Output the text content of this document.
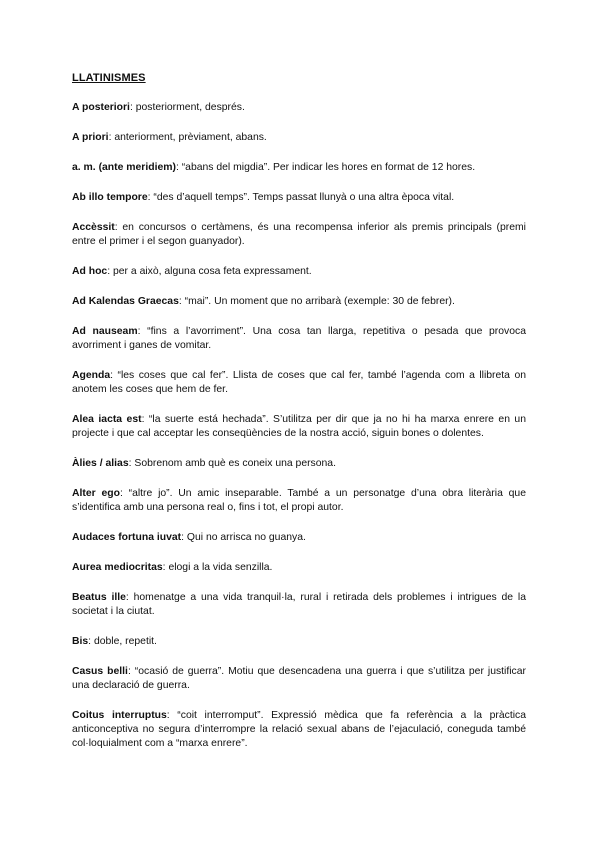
LLATINISMES
A posteriori: posteriorment, després.
A priori: anteriorment, prèviament, abans.
a. m. (ante meridiem): “abans del migdia”. Per indicar les hores en format de 12 hores.
Ab illo tempore: “des d’aquell temps”. Temps passat llunyà o una altra època vital.
Accèssit: en concursos o certàmens, és una recompensa inferior als premis principals (premi entre el primer i el segon guanyador).
Ad hoc: per a això, alguna cosa feta expressament.
Ad Kalendas Graecas: “mai”. Un moment que no arribarà (exemple: 30 de febrer).
Ad nauseam: “fins a l’avorriment”. Una cosa tan llarga, repetitiva o pesada que provoca avorriment i ganes de vomitar.
Agenda: “les coses que cal fer”. Llista de coses que cal fer, també l’agenda com a llibreta on anotem les coses que hem de fer.
Alea iacta est: “la suerte está hechada”. S’utilitza per dir que ja no hi ha marxa enrere en un projecte i que cal acceptar les conseqüències de la nostra acció, siguin bones o dolentes.
Àlies / alias: Sobrenom amb què es coneix una persona.
Alter ego: “altre jo”. Un amic inseparable. També a un personatge d’una obra literària que s’identifica amb una persona real o, fins i tot, el propi autor.
Audaces fortuna iuvat: Qui no arrisca no guanya.
Aurea mediocritas: elogi a la vida senzilla.
Beatus ille: homenatge a una vida tranquil·la, rural i retirada dels problemes i intrigues de la societat i la ciutat.
Bis: doble, repetit.
Casus belli: “ocasió de guerra”. Motiu que desencadena una guerra i que s’utilitza per justificar una declaració de guerra.
Coitus interruptus: “coit interromput”. Expressió mèdica que fa referència a la pràctica anticonceptiva no segura d’interrompre la relació sexual abans de l’ejaculació, coneguda també col·loquialment com a “marxa enrere”.
